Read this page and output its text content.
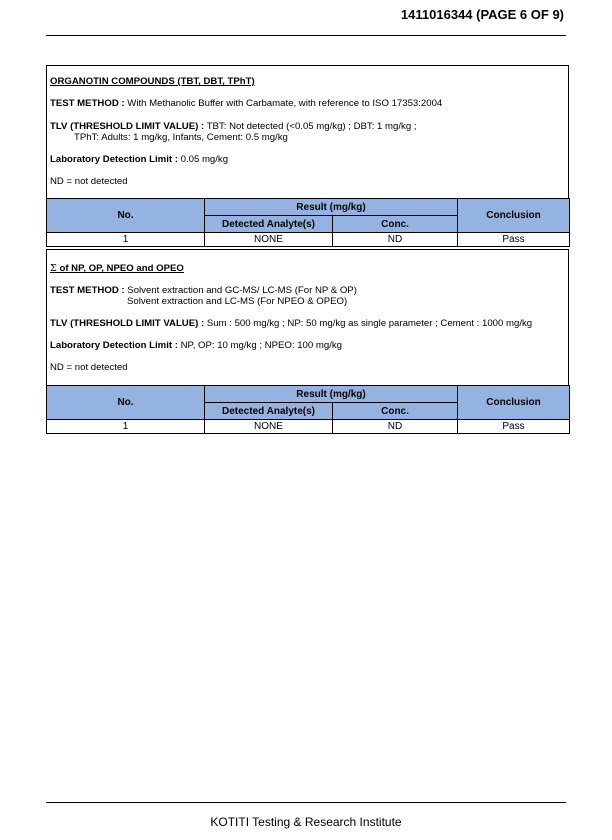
1411016344 (PAGE 6 OF 9)
ORGANOTIN COMPOUNDS (TBT, DBT, TPhT)
TEST METHOD : With Methanolic Buffer with Carbamate, with reference to ISO 17353:2004
TLV (THRESHOLD LIMIT VALUE) : TBT: Not detected (<0.05 mg/kg) ; DBT: 1 mg/kg ;
TPhT: Adults: 1 mg/kg, Infants, Cement: 0.5 mg/kg
Laboratory Detection Limit : 0.05 mg/kg
ND = not detected
No.	Result (mg/kg)		Conclusion
	Detected Analyte(s)	Conc.	
1	NONE	ND	Pass
Σ of NP, OP, NPEO and OPEO
TEST METHOD : Solvent extraction and GC-MS/ LC-MS (For NP & OP)
Solvent extraction and LC-MS (For NPEO & OPEO)
TLV (THRESHOLD LIMIT VALUE) : Sum : 500 mg/kg ; NP: 50 mg/kg as single parameter ; Cement : 1000 mg/kg
Laboratory Detection Limit : NP, OP: 10 mg/kg ; NPEO: 100 mg/kg
ND = not detected
No.	Result (mg/kg)		Conclusion
	Detected Analyte(s)	Conc.	
1	NONE	ND	Pass
KOTITI Testing & Research Institute
